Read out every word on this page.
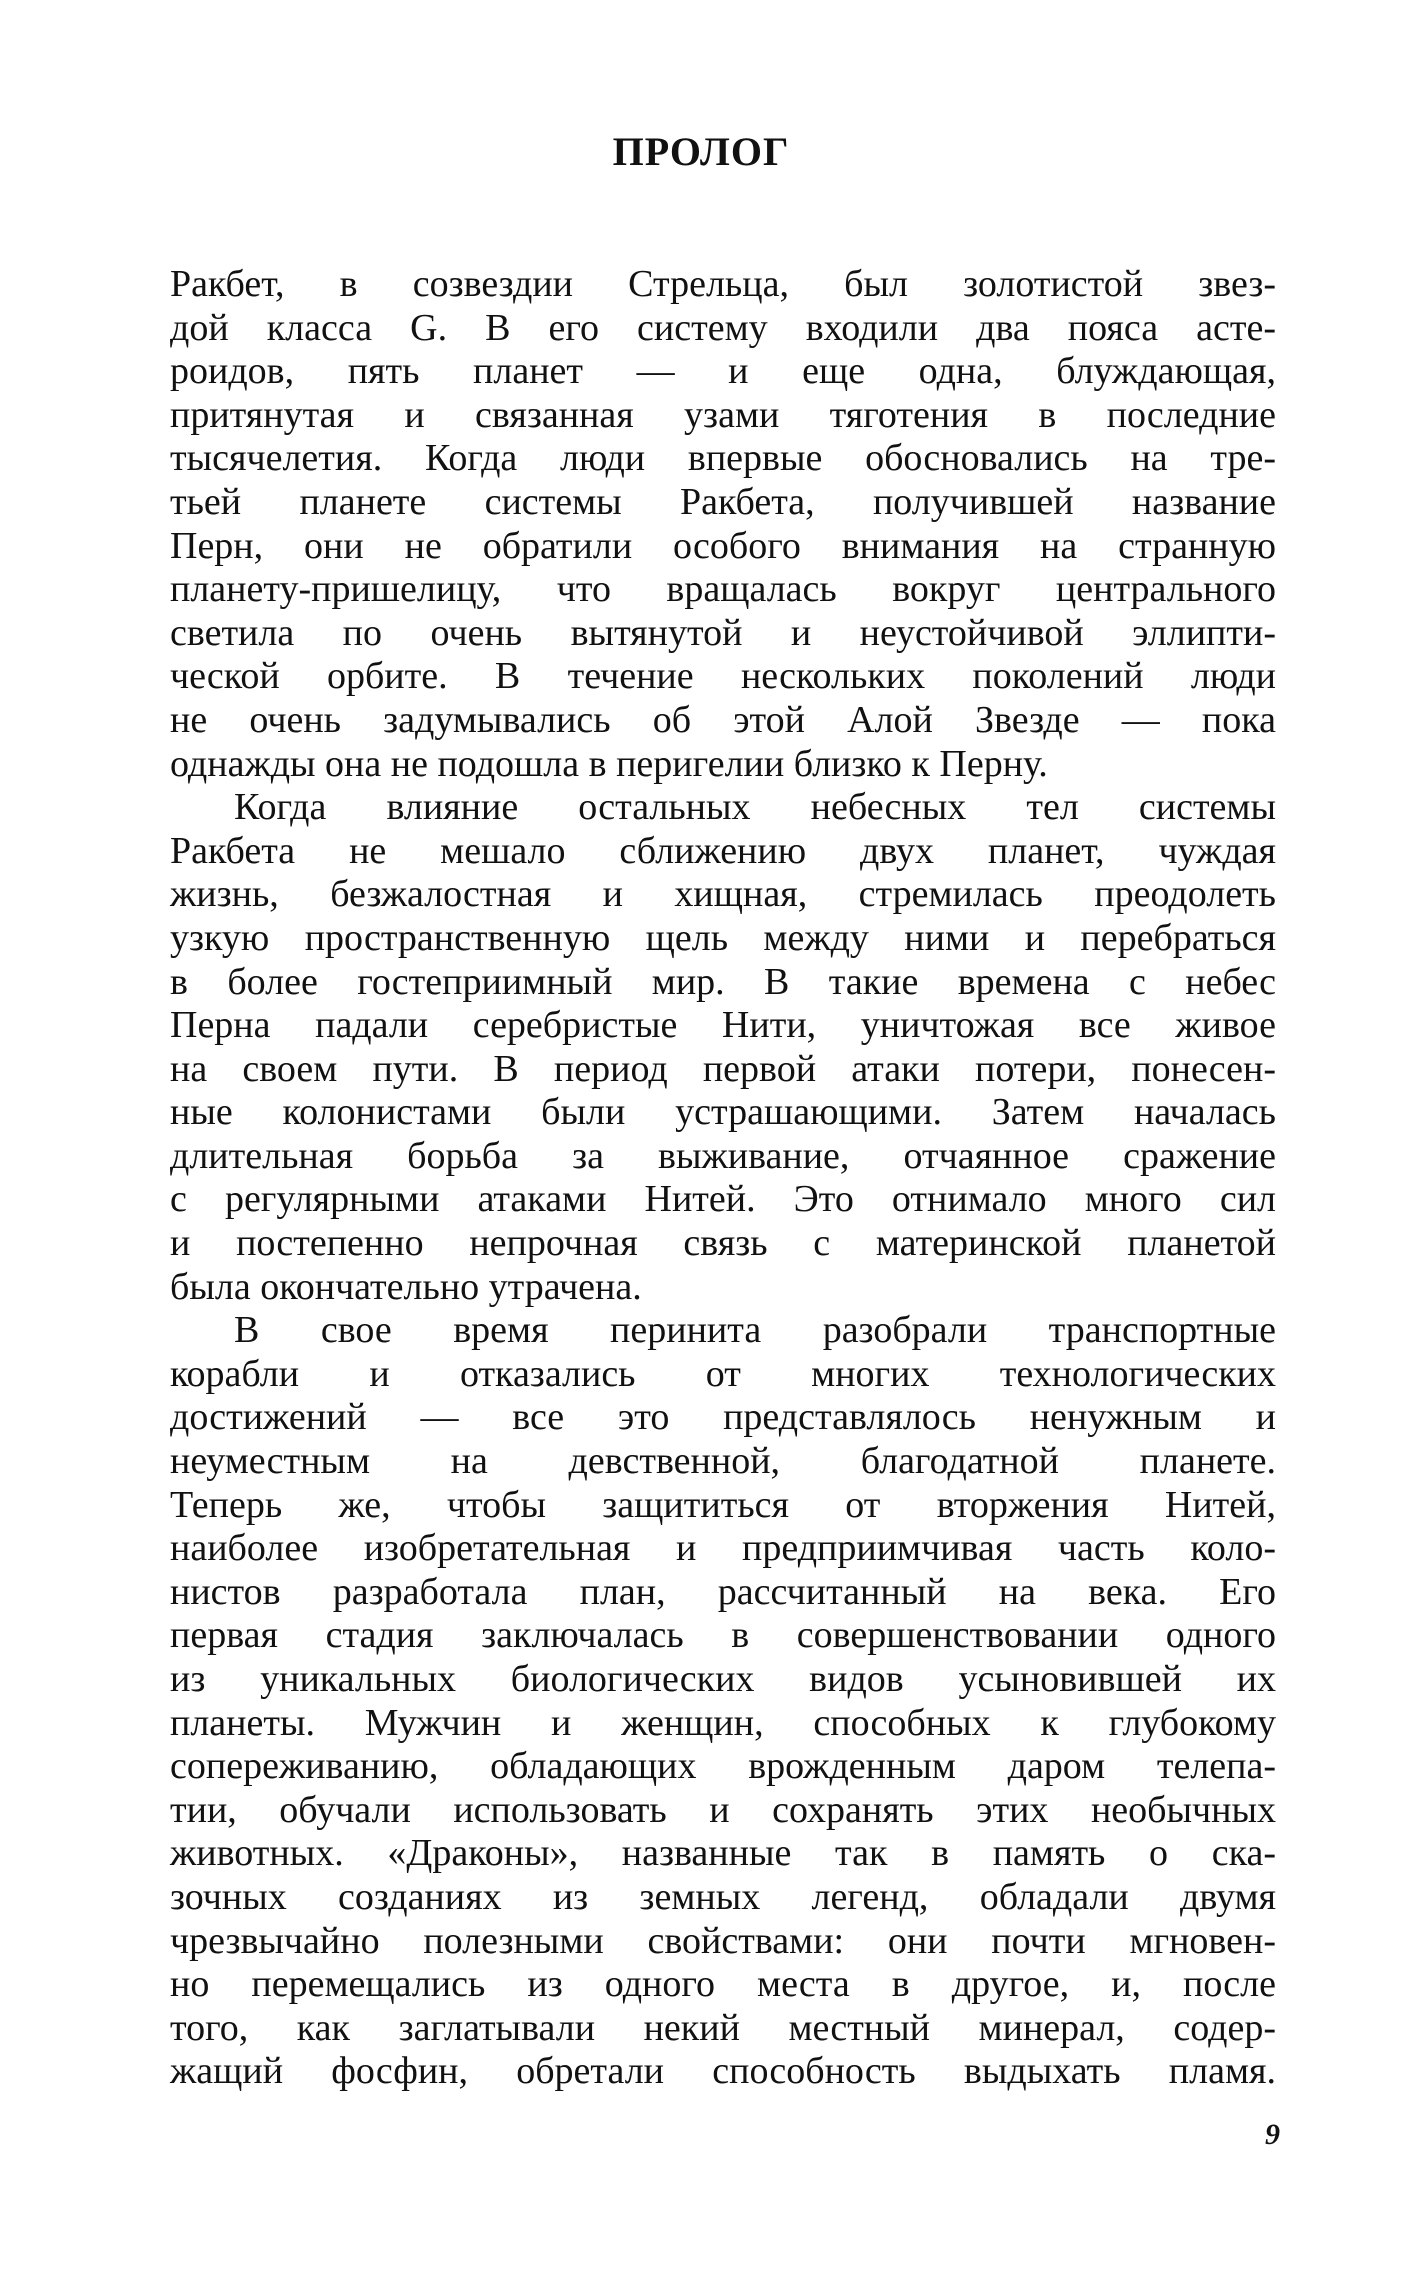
ПРОЛОГ
Ракбет, в созвездии Стрельца, был золотистой звез-
дой класса G. В его систему входили два пояса асте-
роидов, пять планет — и еще одна, блуждающая,
притянутая и связанная узами тяготения в последние
тысячелетия. Когда люди впервые обосновались на тре-
тьей планете системы Ракбета, получившей название
Перн, они не обратили особого внимания на странную
планету-пришелицу, что вращалась вокруг центрального
светила по очень вытянутой и неустойчивой эллипти-
ческой орбите. В течение нескольких поколений люди
не очень задумывались об этой Алой Звезде — пока
однажды она не подошла в перигелии близко к Перну.
Когда влияние остальных небесных тел системы
Ракбета не мешало сближению двух планет, чуждая
жизнь, безжалостная и хищная, стремилась преодолеть
узкую пространственную щель между ними и перебраться
в более гостеприимный мир. В такие времена с небес
Перна падали серебристые Нити, уничтожая все живое
на своем пути. В период первой атаки потери, понесен-
ные колонистами были устрашающими. Затем началась
длительная борьба за выживание, отчаянное сражение
с регулярными атаками Нитей. Это отнимало много сил
и постепенно непрочная связь с материнской планетой
была окончательно утрачена.
В свое время перинита разобрали транспортные
корабли и отказались от многих технологических
достижений — все это представлялось ненужным и
неуместным на девственной, благодатной планете.
Теперь же, чтобы защититься от вторжения Нитей,
наиболее изобретательная и предприимчивая часть коло-
нистов разработала план, рассчитанный на века. Его
первая стадия заключалась в совершенствовании одного
из уникальных биологических видов усыновившей их
планеты. Мужчин и женщин, способных к глубокому
сопереживанию, обладающих врожденным даром телепа-
тии, обучали использовать и сохранять этих необычных
животных. «Драконы», названные так в память о ска-
зочных созданиях из земных легенд, обладали двумя
чрезвычайно полезными свойствами: они почти мгновен-
но перемещались из одного места в другое, и, после
того, как заглатывали некий местный минерал, содер-
жащий фосфин, обретали способность выдыхать пламя.
9
